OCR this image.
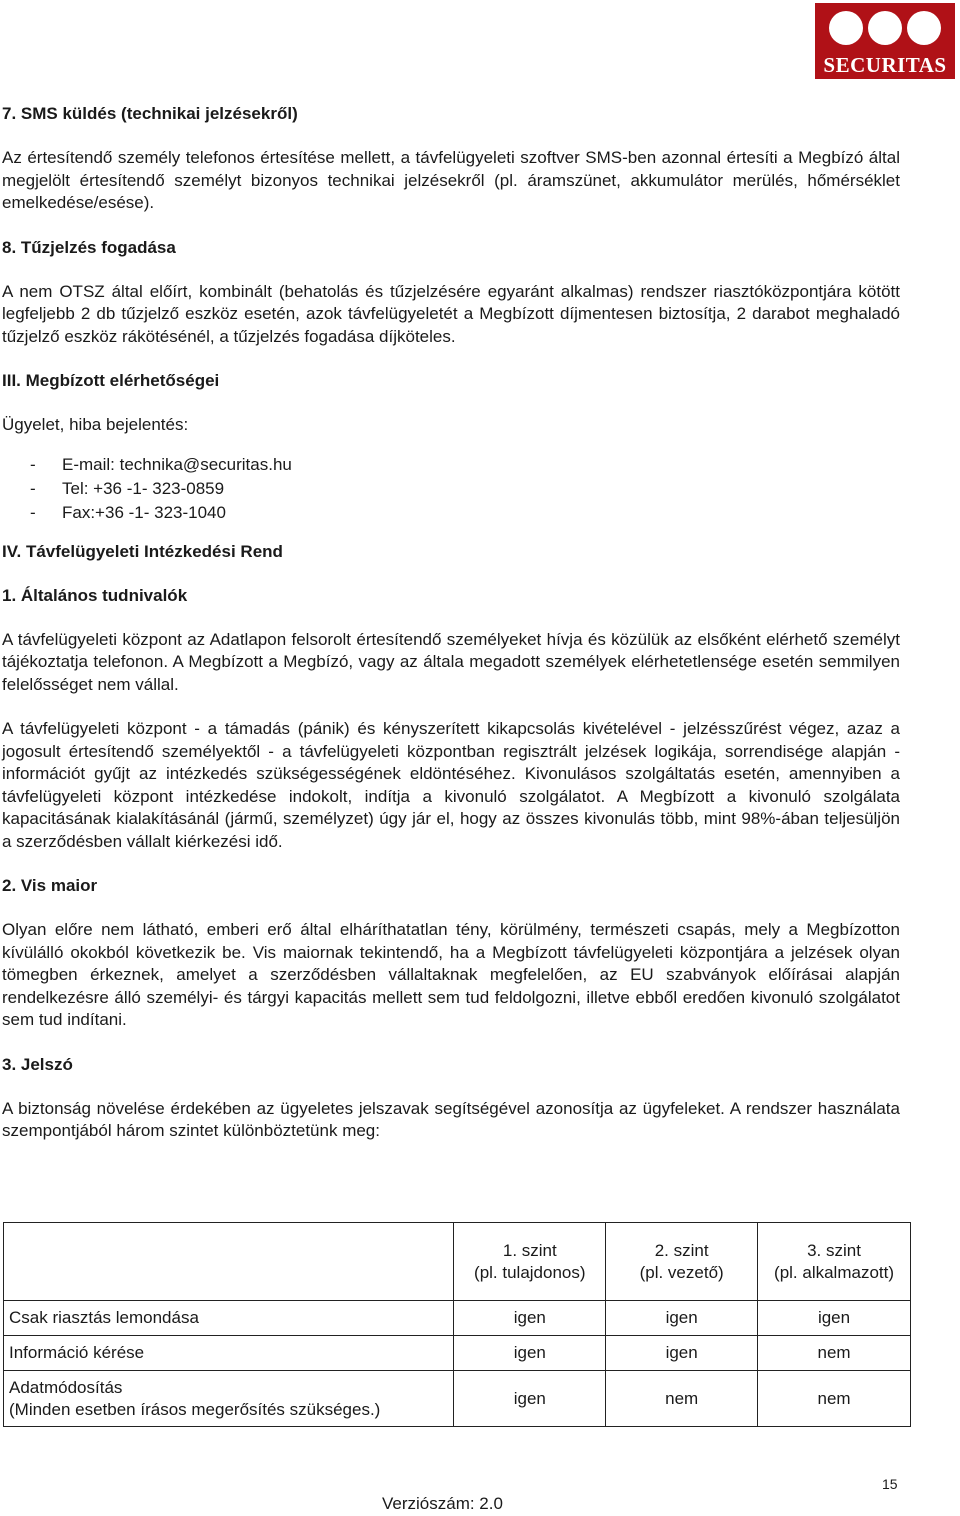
SECURITAS
7. SMS küldés (technikai jelzésekről)

Az értesítendő személy telefonos értesítése mellett, a távfelügyeleti szoftver SMS-ben azonnal értesíti a Megbízó által megjelölt értesítendő személyt bizonyos technikai jelzésekről (pl. áramszünet, akkumulátor merülés, hőmérséklet emelkedése/esése).

8. Tűzjelzés fogadása

A nem OTSZ által előírt, kombinált (behatolás és tűzjelzésére egyaránt alkalmas) rendszer riasztóközpontjára kötött legfeljebb 2 db tűzjelző eszköz esetén, azok távfelügyeletét a Megbízott díjmentesen biztosítja, 2 darabot meghaladó tűzjelző eszköz rákötésénél, a tűzjelzés fogadása díjköteles.

III. Megbízott elérhetőségei

Ügyelet, hiba bejelentés:

- E-mail: technika@securitas.hu
- Tel: +36 -1- 323-0859
- Fax:+36 -1- 323-1040
IV. Távfelügyeleti Intézkedési Rend
1. Általános tudnivalók

A távfelügyeleti központ az Adatlapon felsorolt értesítendő személyeket hívja és közülük az elsőként elérhető személyt tájékoztatja telefonon. A Megbízott a Megbízó, vagy az általa megadott személyek elérhetetlensége esetén semmilyen felelősséget nem vállal.

A távfelügyeleti központ - a támadás (pánik) és kényszerített kikapcsolás kivételével - jelzésszűrést végez, azaz a jogosult értesítendő személyektől - a távfelügyeleti központban regisztrált jelzések logikája, sorrendisége alapján - információt gyűjt az intézkedés szükségességének eldöntéséhez. Kivonulásos szolgáltatás esetén, amennyiben a távfelügyeleti központ intézkedése indokolt, indítja a kivonuló szolgálatot. A Megbízott a kivonuló szolgálata kapacitásának kialakításánál (jármű, személyzet) úgy jár el, hogy az összes kivonulás több, mint 98%-ában teljesüljön a szerződésben vállalt kiérkezési idő.

2. Vis maior

Olyan előre nem látható, emberi erő által elháríthatatlan tény, körülmény, természeti csapás, mely a Megbízotton kívülálló okokból következik be. Vis maiornak tekintendő, ha a Megbízott távfelügyeleti központjára a jelzések olyan tömegben érkeznek, amelyet a szerződésben vállaltaknak megfelelően, az EU szabványok előírásai alapján rendelkezésre álló személyi- és tárgyi kapacitás mellett sem tud feldolgozni, illetve ebből eredően kivonuló szolgálatot sem tud indítani.

3. Jelszó

A biztonság növelése érdekében az ügyeletes jelszavak segítségével azonosítja az ügyfeleket. A rendszer használata szempontjából három szintet különböztetünk meg:

	1. szint
(pl. tulajdonos)	2. szint
(pl. vezető)	3. szint
(pl. alkalmazott)
Csak riasztás lemondása	igen	igen	igen
Információ kérése	igen	igen	nem
Adatmódosítás
(Minden esetben írásos megerősítés szükséges.)	igen	nem	nem
15
Verziószám: 2.0
